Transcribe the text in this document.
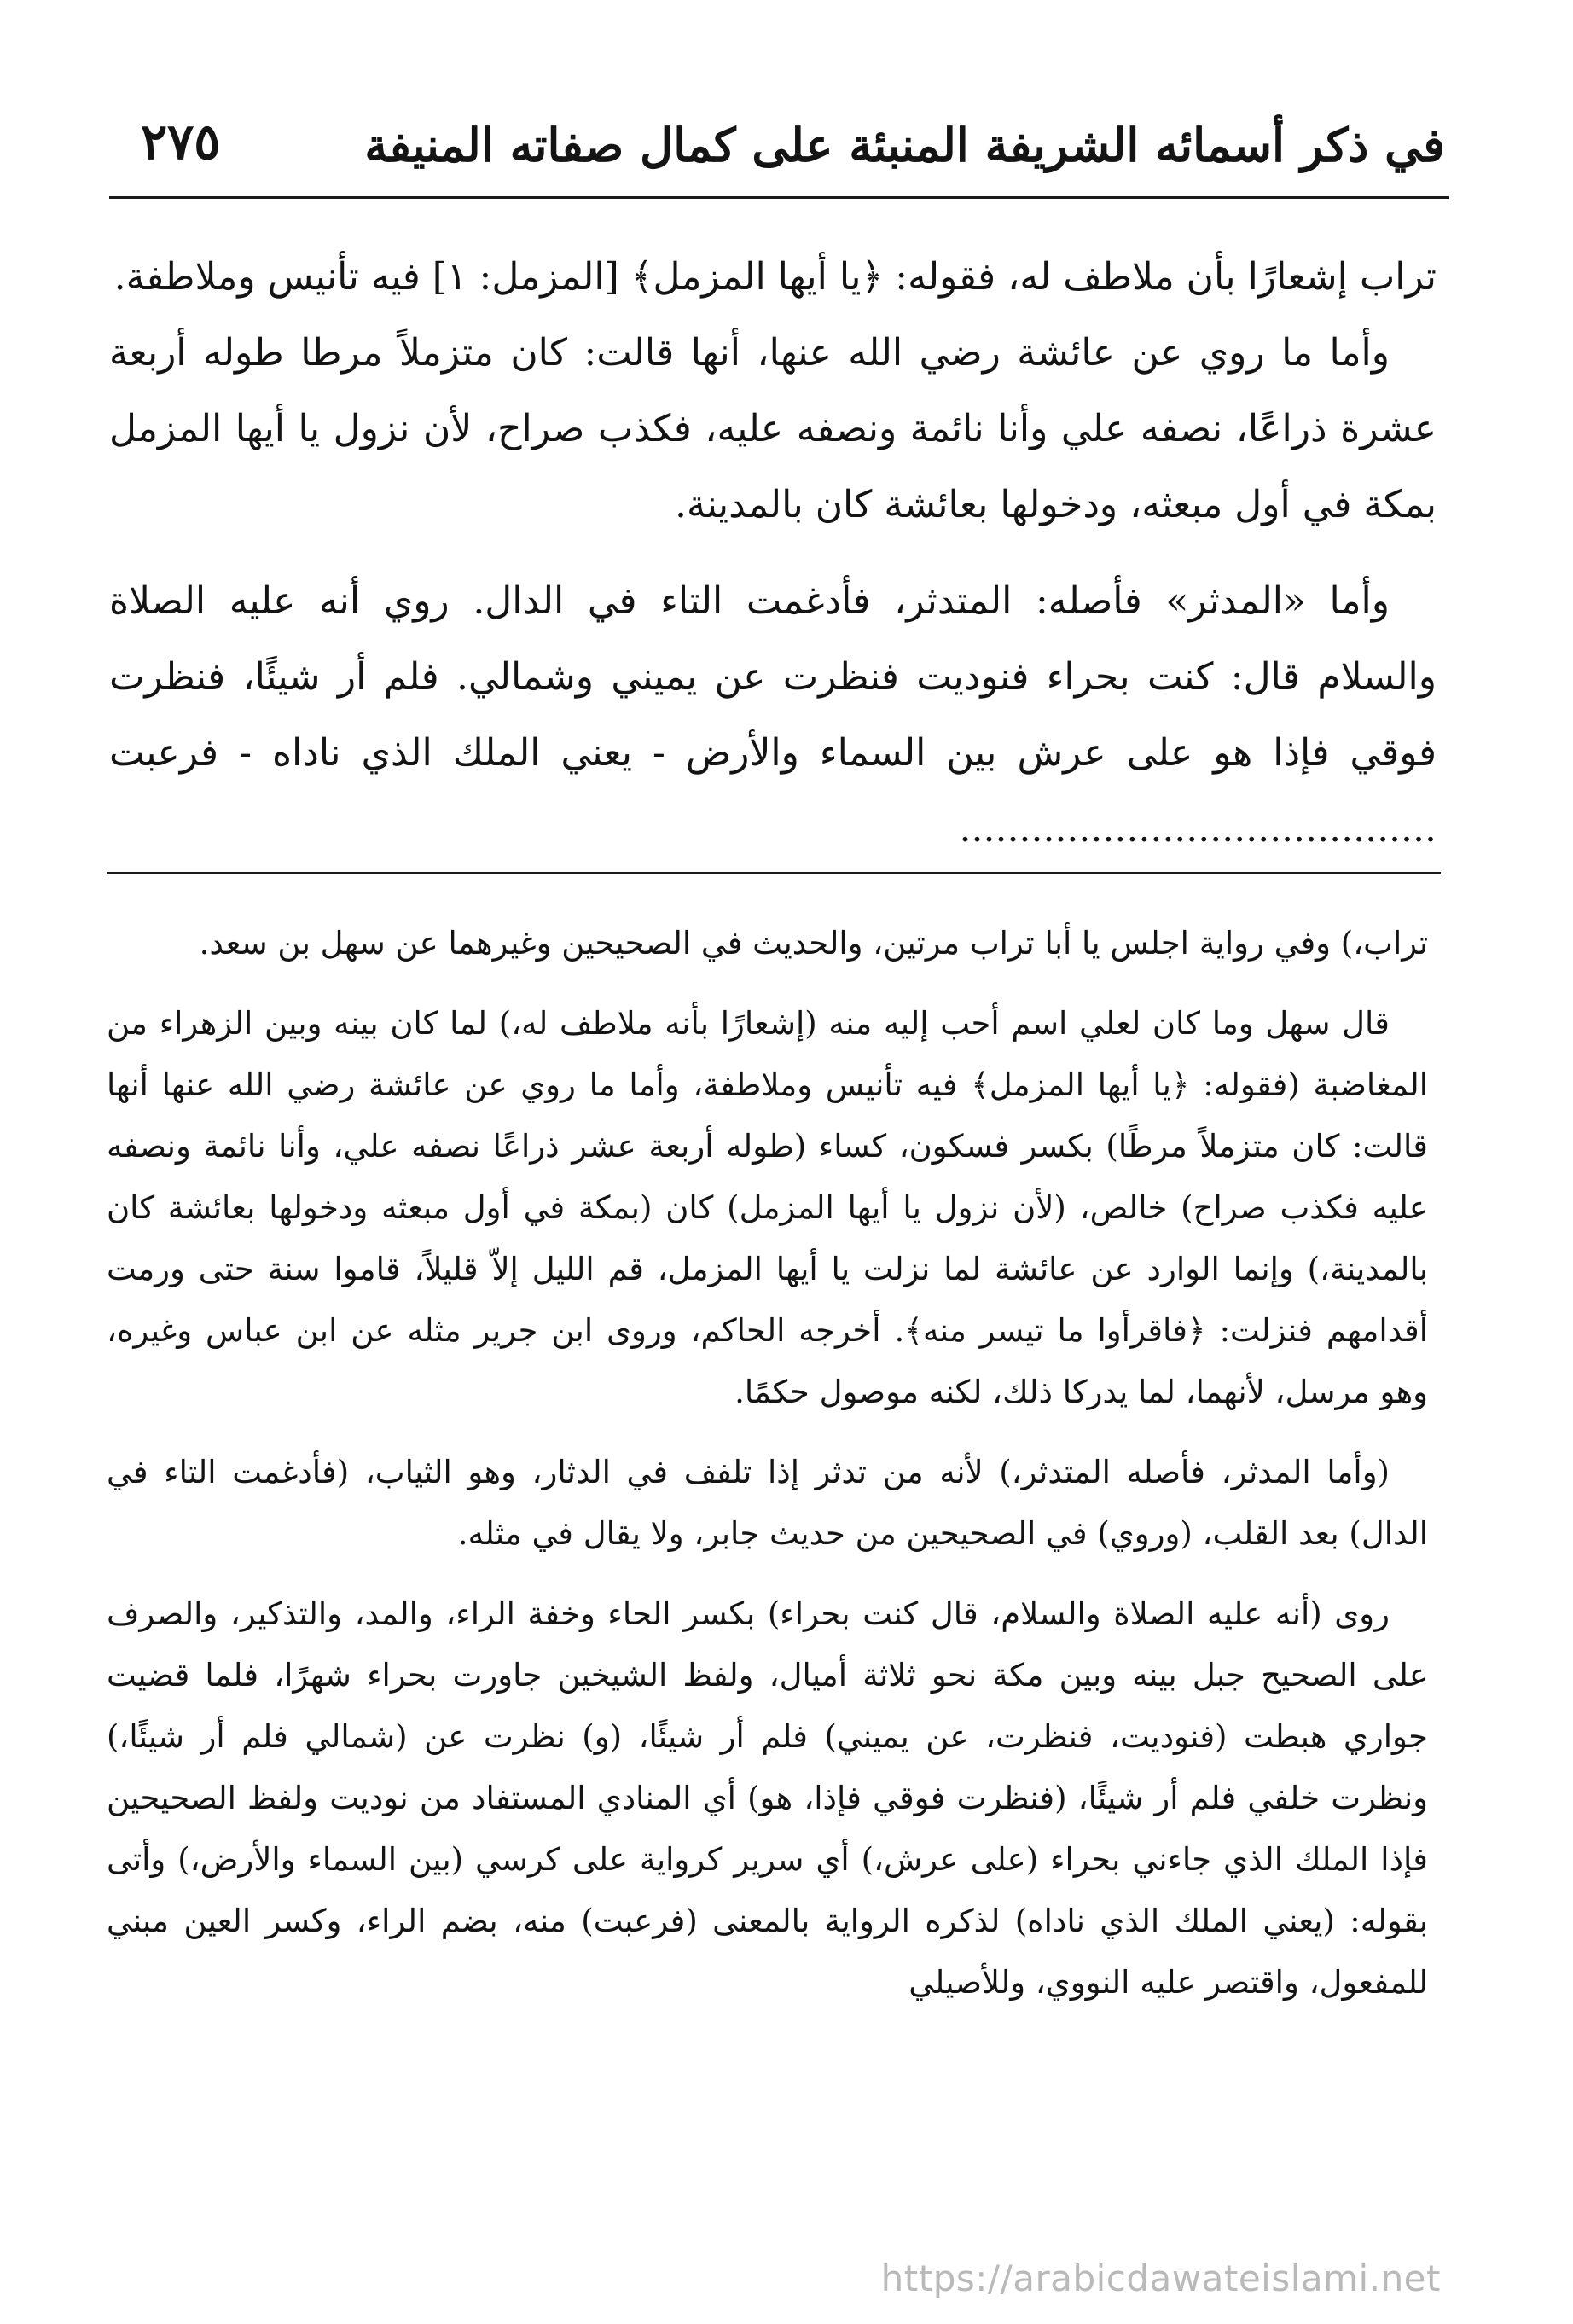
في ذكر أسمائه الشريفة المنبئة على كمال صفاته المنيفة
٢٧٥

تراب إشعارًا بأن ملاطف له، فقوله: ﴿يا أيها المزمل﴾ [المزمل: ١] فيه تأنيس وملاطفة.

وأما ما روي عن عائشة رضي الله عنها، أنها قالت: كان متزملاً مرطا طوله أربعة عشرة ذراعًا، نصفه علي وأنا نائمة ونصفه عليه، فكذب صراح، لأن نزول يا أيها المزمل بمكة في أول مبعثه، ودخولها بعائشة كان بالمدينة.

وأما «المدثر» فأصله: المتدثر، فأدغمت التاء في الدال. روي أنه عليه الصلاة والسلام قال: كنت بحراء فنوديت فنظرت عن يميني وشمالي. فلم أر شيئًا، فنظرت فوقي فإذا هو على عرش بين السماء والأرض - يعني الملك الذي ناداه - فرعبت ........................................

تراب،) وفي رواية اجلس يا أبا تراب مرتين، والحديث في الصحيحين وغيرهما عن سهل بن سعد.

قال سهل وما كان لعلي اسم أحب إليه منه (إشعارًا بأنه ملاطف له،) لما كان بينه وبين الزهراء من المغاضبة (فقوله: ﴿يا أيها المزمل﴾ فيه تأنيس وملاطفة، وأما ما روي عن عائشة رضي الله عنها أنها قالت: كان متزملاً مرطًا) بكسر فسكون، كساء (طوله أربعة عشر ذراعًا نصفه علي، وأنا نائمة ونصفه عليه فكذب صراح) خالص، (لأن نزول يا أيها المزمل) كان (بمكة في أول مبعثه ودخولها بعائشة كان بالمدينة،) وإنما الوارد عن عائشة لما نزلت يا أيها المزمل، قم الليل إلاّ قليلاً، قاموا سنة حتى ورمت أقدامهم فنزلت: ﴿فاقرأوا ما تيسر منه﴾. أخرجه الحاكم، وروى ابن جرير مثله عن ابن عباس وغيره، وهو مرسل، لأنهما، لما يدركا ذلك، لكنه موصول حكمًا.

(وأما المدثر، فأصله المتدثر،) لأنه من تدثر إذا تلفف في الدثار، وهو الثياب، (فأدغمت التاء في الدال) بعد القلب، (وروي) في الصحيحين من حديث جابر، ولا يقال في مثله.

روى (أنه عليه الصلاة والسلام، قال كنت بحراء) بكسر الحاء وخفة الراء، والمد، والتذكير، والصرف على الصحيح جبل بينه وبين مكة نحو ثلاثة أميال، ولفظ الشيخين جاورت بحراء شهرًا، فلما قضيت جواري هبطت (فنوديت، فنظرت، عن يميني) فلم أر شيئًا، (و) نظرت عن (شمالي فلم أر شيئًا،) ونظرت خلفي فلم أر شيئًا، (فنظرت فوقي فإذا، هو) أي المنادي المستفاد من نوديت ولفظ الصحيحين فإذا الملك الذي جاءني بحراء (على عرش،) أي سرير كرواية على كرسي (بين السماء والأرض،) وأتى بقوله: (يعني الملك الذي ناداه) لذكره الرواية بالمعنى (فرعبت) منه، بضم الراء، وكسر العين مبني للمفعول، واقتصر عليه النووي، وللأصيلي

https://arabicdawateislami.net
